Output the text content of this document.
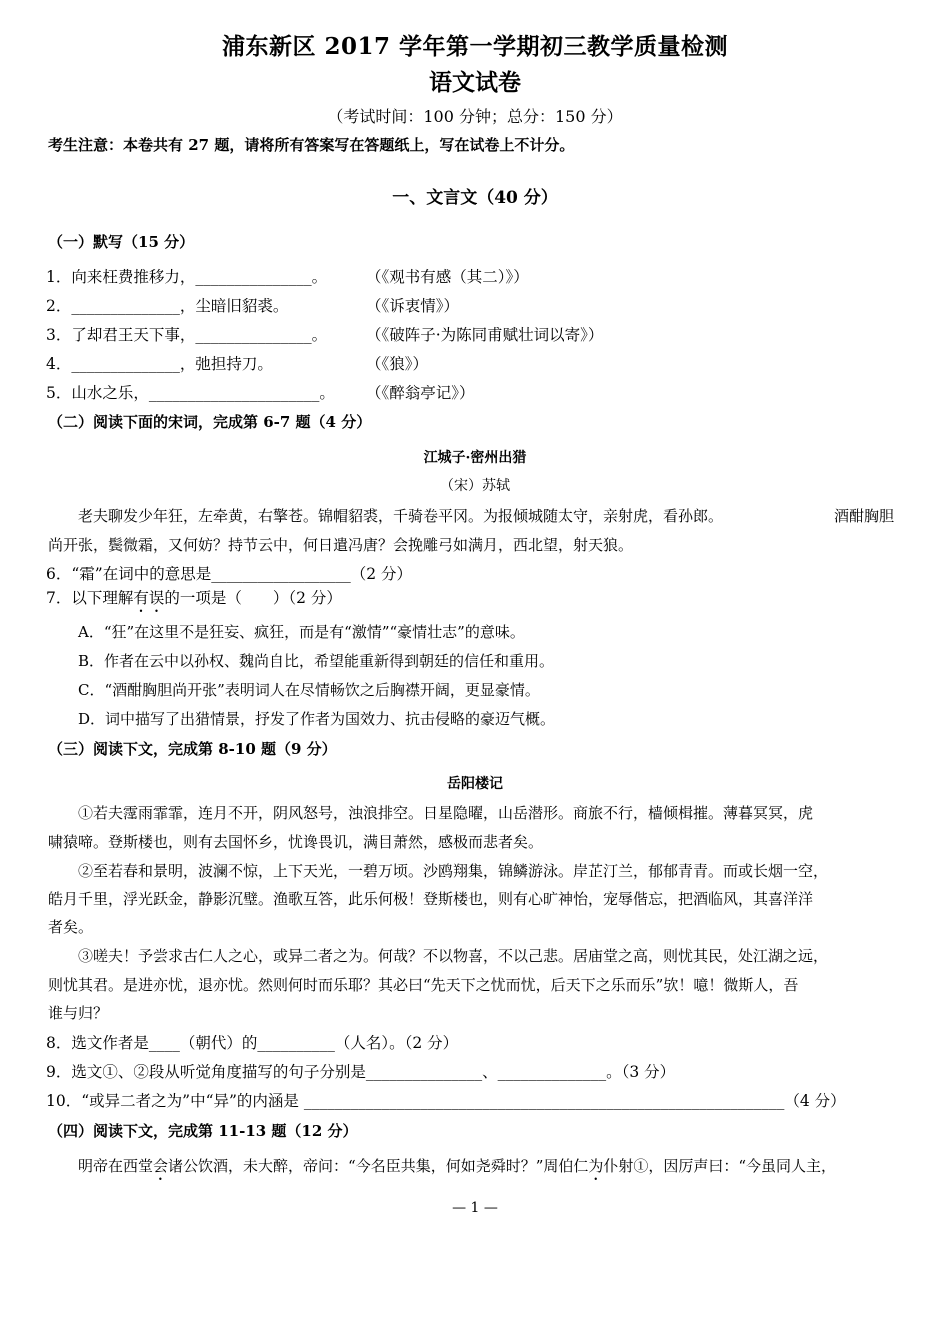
浦东新区 2017 学年第一学期初三教学质量检测
语文试卷
（考试时间：100 分钟；总分：150 分）
考生注意：本卷共有 27 题，请将所有答案写在答题纸上，写在试卷上不计分。
一、文言文（40 分）
（一）默写（15 分）
1．向来枉费推移力，_______________。	（《观书有感（其二）》）
2．______________，尘暗旧貂裘。	（《诉衷情》）
3．了却君王天下事，_______________。	（《破阵子·为陈同甫赋壮词以寄》）
4．______________，弛担持刀。	（《狼》）
5．山水之乐，______________________。 （《醉翁亭记》）
（二）阅读下面的宋词，完成第 6-7 题（4 分）
江城子·密州出猎
（宋）苏轼
老夫聊发少年狂，左牵黄，右擎苍。锦帽貂裘，千骑卷平冈。为报倾城随太守，亲射虎，看孙郎。	酒酣胸胆
尚开张，鬓微霜，又何妨？持节云中，何日遣冯唐？会挽雕弓如满月，西北望，射天狼。
6．“霜”在词中的意思是__________________（2 分）
7．以下理解有误的一项是（　　）（2 分）
A．“狂”在这里不是狂妄、疯狂，而是有“激情”“豪情壮志”的意味。
B．作者在云中以孙权、魏尚自比，希望能重新得到朝廷的信任和重用。
C．“酒酣胸胆尚开张”表明词人在尽情畅饮之后胸襟开阔，更显豪情。
D．词中描写了出猎情景，抒发了作者为国效力、抗击侵略的豪迈气概。
（三）阅读下文，完成第 8-10 题（9 分）
岳阳楼记
①若夫霪雨霏霏，连月不开，阴风怒号，浊浪排空。日星隐曜，山岳潜形。商旅不行，樯倾楫摧。薄暮冥冥，虎
啸猿啼。登斯楼也，则有去国怀乡，忧谗畏讥，满目萧然，感极而悲者矣。
②至若春和景明，波澜不惊，上下天光，一碧万顷。沙鸥翔集，锦鳞游泳。岸芷汀兰，郁郁青青。而或长烟一空，
皓月千里，浮光跃金，静影沉璧。渔歌互答，此乐何极！登斯楼也，则有心旷神怡，宠辱偕忘，把酒临风，其喜洋洋
者矣。
③嗟夫！予尝求古仁人之心，或异二者之为。何哉？不以物喜，不以己悲。居庙堂之高，则忧其民，处江湖之远，
则忧其君。是进亦忧，退亦忧。然则何时而乐耶？其必曰“先天下之忧而忧，后天下之乐而乐”欤！噫！微斯人，吾
谁与归？
8．选文作者是____（朝代）的__________（人名）。（2 分）
9．选文①、②段从听觉角度描写的句子分别是_______________、______________。（3 分）
10．“或异二者之为”中“异”的内涵是 ______________________________________________________________（4 分）
（四）阅读下文，完成第 11-13 题（12 分）
明帝在西堂会诸公饮酒，未大醉，帝问：“今名臣共集，何如尧舜时？”周伯仁为仆射①，因厉声曰：“今虽同人主，
— 1 —
